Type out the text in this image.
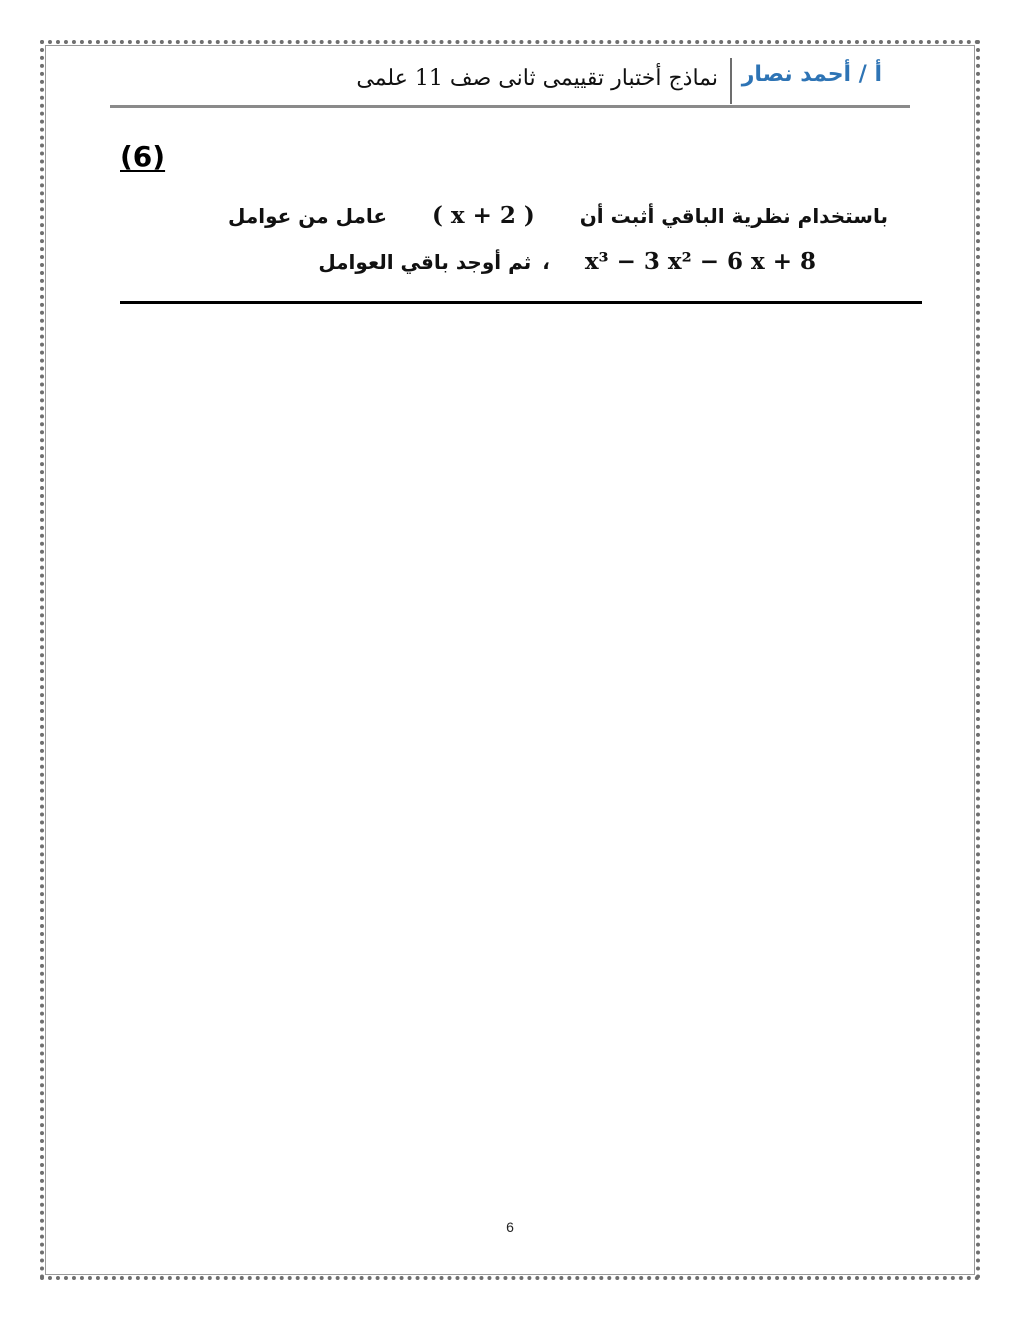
أ / أحمد نصار
نماذج أختبار تقييمى ثانى صف 11 علمى
(6)
باستخدام نظرية الباقي أثبت أن ( x + 2 ) عامل من عوامل
x³ − 3 x² − 6 x + 8 ، ثم أوجد باقي العوامل
6
